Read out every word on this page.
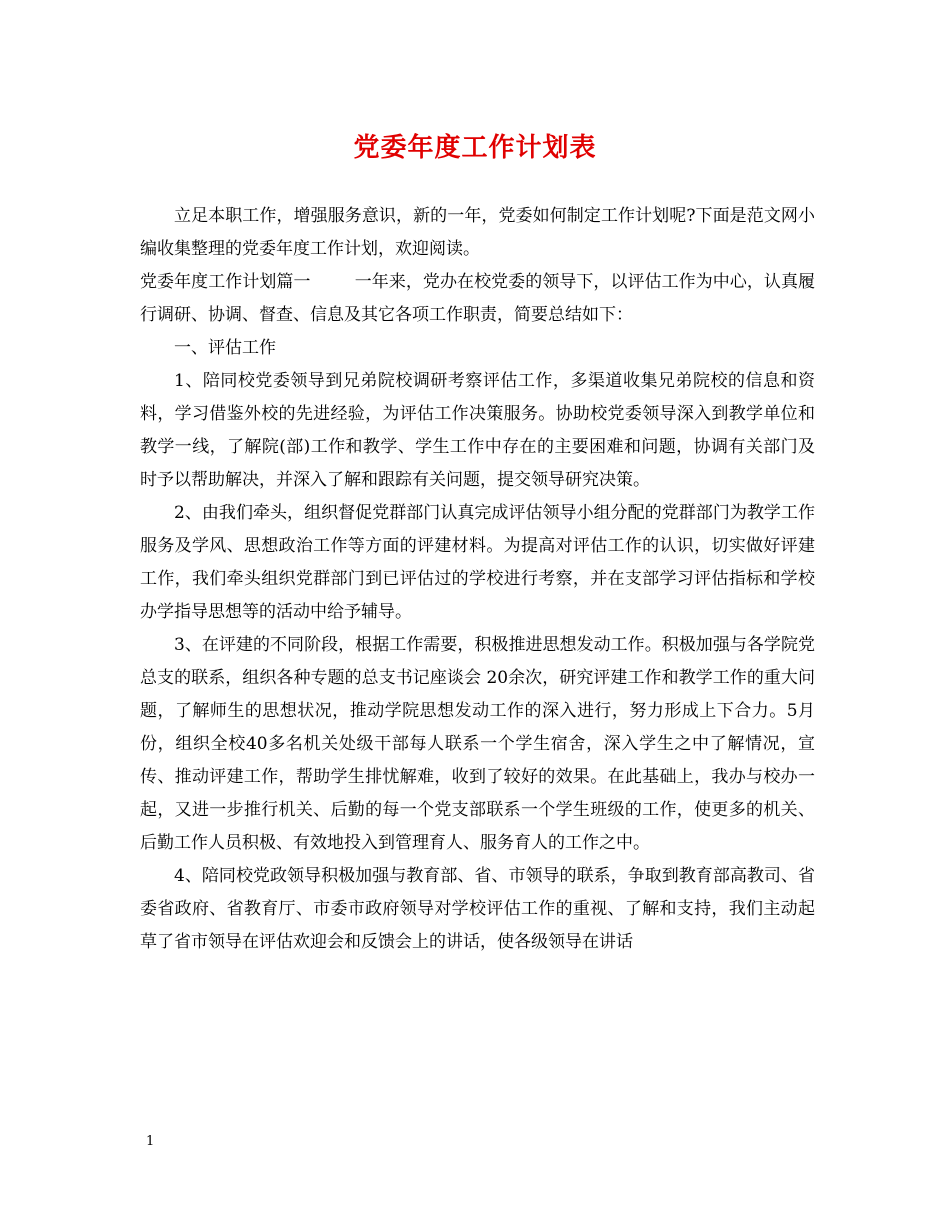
党委年度工作计划表

立足本职工作，增强服务意识，新的一年，党委如何制定工作计划呢?下面是范文网小编收集整理的党委年度工作计划，欢迎阅读。

党委年度工作计划篇一	一年来，党办在校党委的领导下，以评估工作为中心，认真履行调研、协调、督查、信息及其它各项工作职责，简要总结如下：

一、评估工作

1、陪同校党委领导到兄弟院校调研考察评估工作，多渠道收集兄弟院校的信息和资料，学习借鉴外校的先进经验，为评估工作决策服务。协助校党委领导深入到教学单位和教学一线，了解院(部)工作和教学、学生工作中存在的主要困难和问题，协调有关部门及时予以帮助解决，并深入了解和跟踪有关问题，提交领导研究决策。

2、由我们牵头，组织督促党群部门认真完成评估领导小组分配的党群部门为教学工作服务及学风、思想政治工作等方面的评建材料。为提高对评估工作的认识，切实做好评建工作，我们牵头组织党群部门到已评估过的学校进行考察，并在支部学习评估指标和学校办学指导思想等的活动中给予辅导。

3、在评建的不同阶段，根据工作需要，积极推进思想发动工作。积极加强与各学院党总支的联系，组织各种专题的总支书记座谈会 20余次，研究评建工作和教学工作的重大问题，了解师生的思想状况，推动学院思想发动工作的深入进行，努力形成上下合力。5月份，组织全校40多名机关处级干部每人联系一个学生宿舍，深入学生之中了解情况，宣传、推动评建工作，帮助学生排忧解难，收到了较好的效果。在此基础上，我办与校办一起，又进一步推行机关、后勤的每一个党支部联系一个学生班级的工作，使更多的机关、后勤工作人员积极、有效地投入到管理育人、服务育人的工作之中。

4、陪同校党政领导积极加强与教育部、省、市领导的联系，争取到教育部高教司、省委省政府、省教育厅、市委市政府领导对学校评估工作的重视、了解和支持，我们主动起草了省市领导在评估欢迎会和反馈会上的讲话，使各级领导在讲话

1
